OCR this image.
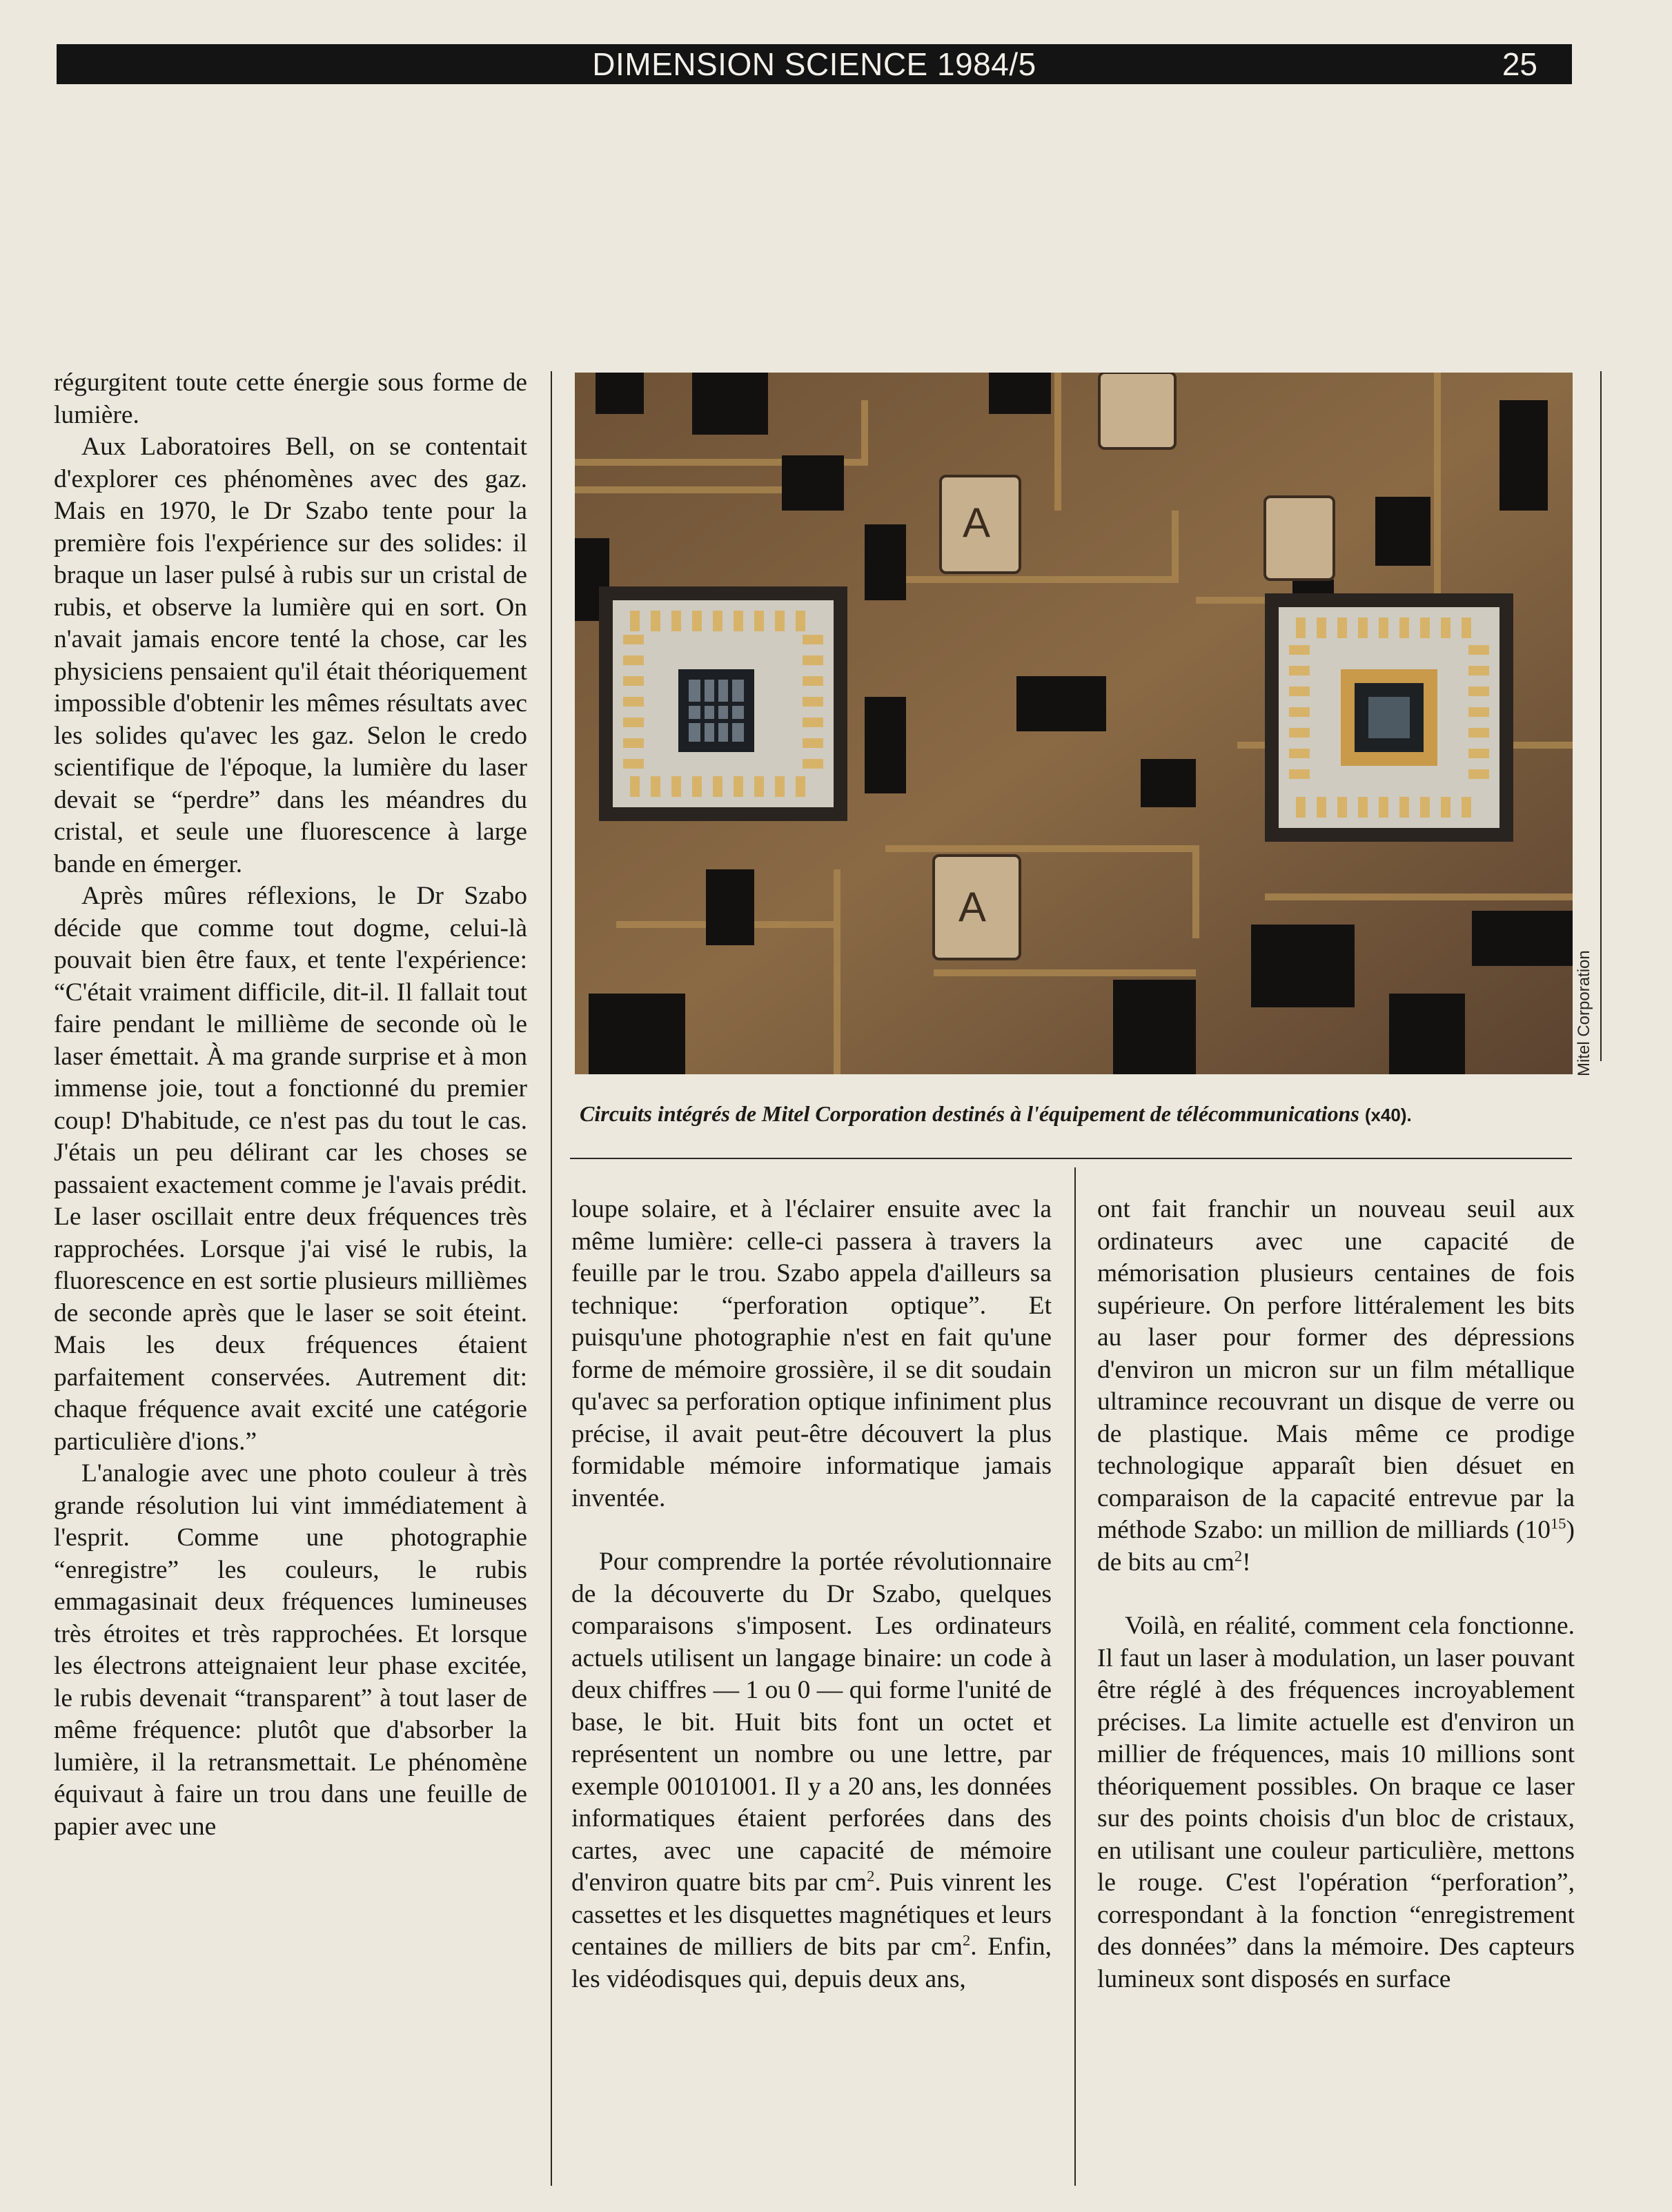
DIMENSION SCIENCE 1984/5	25

régurgitent toute cette énergie sous forme de lumière.

Aux Laboratoires Bell, on se contentait d'explorer ces phénomènes avec des gaz. Mais en 1970, le Dr Szabo tente pour la première fois l'expérience sur des solides: il braque un laser pulsé à rubis sur un cristal de rubis, et observe la lumière qui en sort. On n'avait jamais encore tenté la chose, car les physiciens pensaient qu'il était théoriquement impossible d'obtenir les mêmes résultats avec les solides qu'avec les gaz. Selon le credo scientifique de l'époque, la lumière du laser devait se “perdre” dans les méandres du cristal, et seule une fluorescence à large bande en émerger.

Après mûres réflexions, le Dr Szabo décide que comme tout dogme, celui-là pouvait bien être faux, et tente l'expérience: “C'était vraiment difficile, dit-il. Il fallait tout faire pendant le millième de seconde où le laser émettait. À ma grande surprise et à mon immense joie, tout a fonctionné du premier coup! D'habitude, ce n'est pas du tout le cas. J'étais un peu délirant car les choses se passaient exactement comme je l'avais prédit. Le laser oscillait entre deux fréquences très rapprochées. Lorsque j'ai visé le rubis, la fluorescence en est sortie plusieurs millièmes de seconde après que le laser se soit éteint. Mais les deux fréquences étaient parfaitement conservées. Autrement dit: chaque fréquence avait excité une catégorie particulière d'ions.”

L'analogie avec une photo couleur à très grande résolution lui vint immédiatement à l'esprit. Comme une photographie “enregistre” les couleurs, le rubis emmagasinait deux fréquences lumineuses très étroites et très rapprochées. Et lorsque les électrons atteignaient leur phase excitée, le rubis devenait “transparent” à tout laser de même fréquence: plutôt que d'absorber la lumière, il la retransmettait. Le phénomène équivaut à faire un trou dans une feuille de papier avec une

A
A
Mitel Corporation
Circuits intégrés de Mitel Corporation destinés à l'équipement de télécommunications (x40).

loupe solaire, et à l'éclairer ensuite avec la même lumière: celle-ci passera à travers la feuille par le trou. Szabo appela d'ailleurs sa technique: “perforation optique”. Et puisqu'une photographie n'est en fait qu'une forme de mémoire grossière, il se dit soudain qu'avec sa perforation optique infiniment plus précise, il avait peut-être découvert la plus formidable mémoire informatique jamais inventée.

Pour comprendre la portée révolutionnaire de la découverte du Dr Szabo, quelques comparaisons s'imposent. Les ordinateurs actuels utilisent un langage binaire: un code à deux chiffres — 1 ou 0 — qui forme l'unité de base, le bit. Huit bits font un octet et représentent un nombre ou une lettre, par exemple 00101001. Il y a 20 ans, les données informatiques étaient perforées dans des cartes, avec une capacité de mémoire d'environ quatre bits par $cm^2$. Puis vinrent les cassettes et les disquettes magnétiques et leurs centaines de milliers de bits par $cm^2$. Enfin, les vidéodisques qui, depuis deux ans,

ont fait franchir un nouveau seuil aux ordinateurs avec une capacité de mémorisation plusieurs centaines de fois supérieure. On perfore littéralement les bits au laser pour former des dépressions d'environ un micron sur un film métallique ultramince recouvrant un disque de verre ou de plastique. Mais même ce prodige technologique apparaît bien désuet en comparaison de la capacité entrevue par la méthode Szabo: un million de milliards $(10^{15})$ de bits au $cm^2$!

Voilà, en réalité, comment cela fonctionne. Il faut un laser à modulation, un laser pouvant être réglé à des fréquences incroyablement précises. La limite actuelle est d'environ un millier de fréquences, mais 10 millions sont théoriquement possibles. On braque ce laser sur des points choisis d'un bloc de cristaux, en utilisant une couleur particulière, mettons le rouge. C'est l'opération “perforation”, correspondant à la fonction “enregistrement des données” dans la mémoire. Des capteurs lumineux sont disposés en surface
